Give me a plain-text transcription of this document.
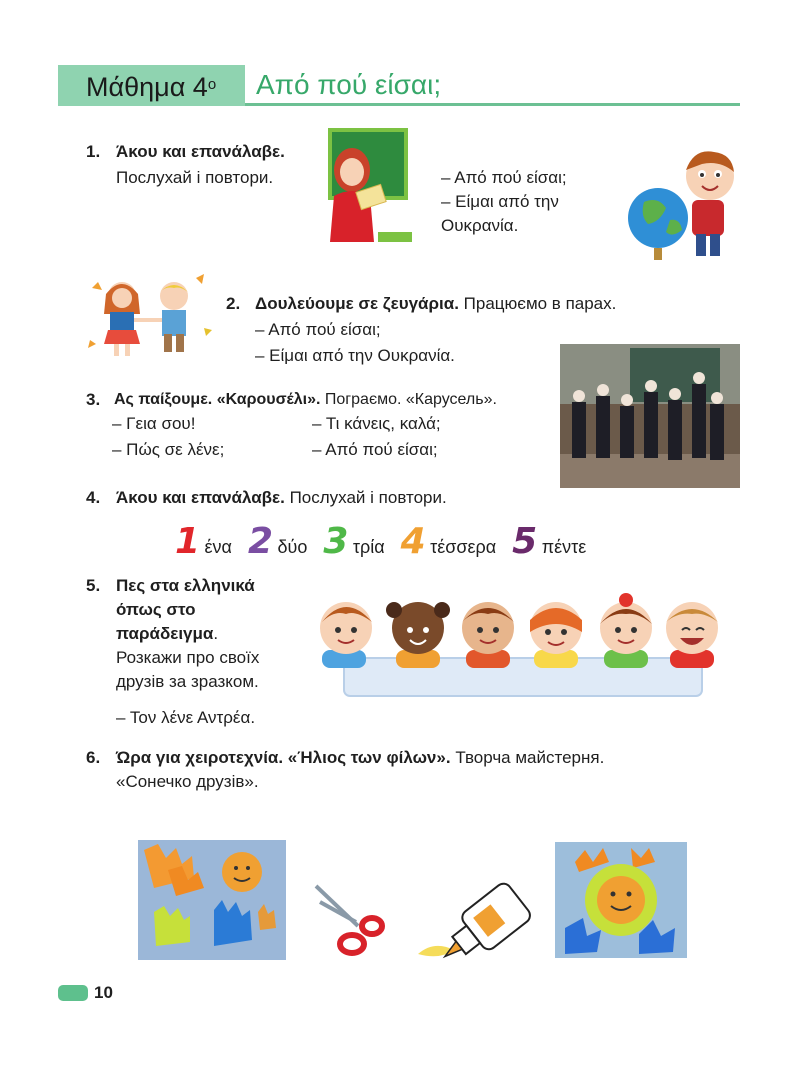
Μάθημα $4^o$ Από πού είσαι;
1. Άκου και επανάλαβε.
Послухай і повтори.	– Από πού είσαι;
– Είμαι από την
Ουκρανία.
2. Δουλεύουμε σε ζευγάρια. Працюємо в парах.
– Από πού είσαι;
– Είμαι από την Ουκρανία.
3. Ας παίξουμε. «Καρουσέλι». Пограємо. «Карусель».
– Γεια σου!	– Τι κάνεις, καλά;
– Πώς σε λένε;	– Από πού είσαι;
4. Άκου και επανάλαβε. Послухай і повтори.
1 ένα 2 δύο 3 τρία 4 τέσσερα 5 πέντε
5. Πες στα ελληνικά
όπως στο
παράδειγμα.
Розкажи про своїх
друзів за зразком.
– Τον λένε Αντρέα.
6. Ώρα για χειροτεχνία. «Ήλιος των φίλων». Творча майстерня.
«Сонечко друзів».
10
